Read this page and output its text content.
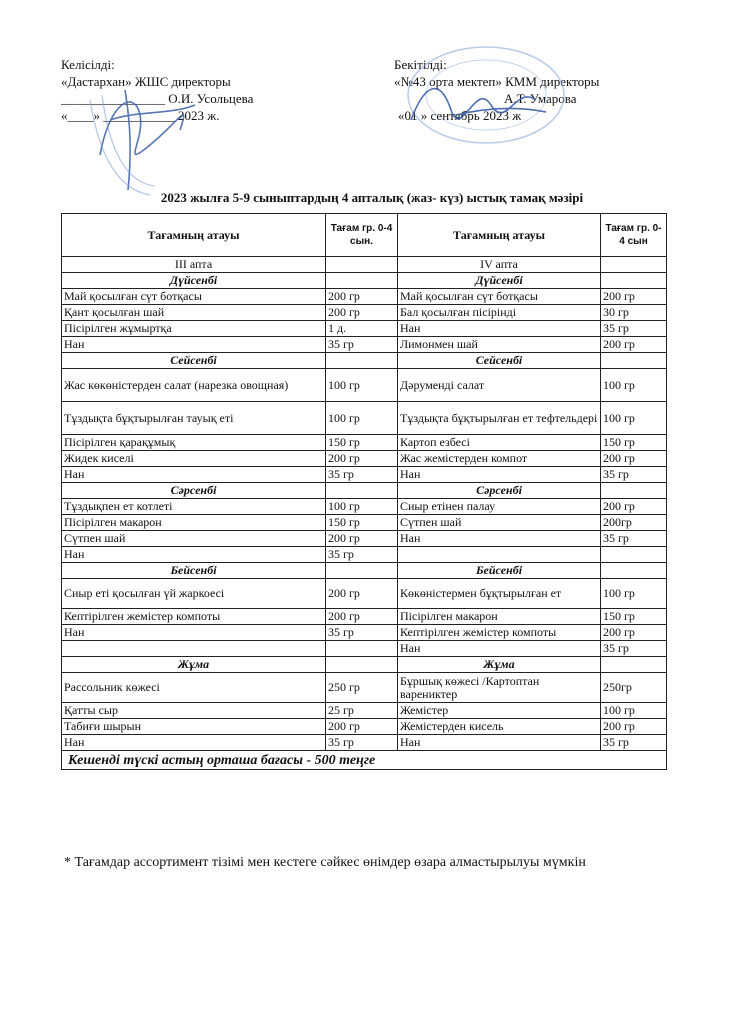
Келісілді:
«Дастархан» ЖШС директоры
________________ О.И. Усольцева
«____» ___________ 2023 ж.
Бекітілді:
«№43 орта мектеп» КММ директоры
А.Т. Умарова
«01 » сентябрь 2023 ж
2023 жылға 5-9 сыныптардың 4 апталық (жаз- күз) ыстық тамақ мәзірі
Тағамның атауы	Тағам гр. 0-4 сын.	Тағамның атауы	Тағам гр. 0-4 сын
III апта		IV апта	
Дүйсенбі		Дүйсенбі	
Май қосылған сүт ботқасы	200 гр	Май қосылған сүт ботқасы	200 гр
Қант қосылған шай	200 гр	Бал қосылған пісірінді	30 гр
Пісірілген жұмыртқа	1 д.	Нан	35 гр
Нан	35 гр	Лимонмен шай	200 гр
Сейсенбі		Сейсенбі	
Жас көкөністерден салат (нарезка овощная)	100 гр	Дәруменді салат	100 гр
Тұздықта бұқтырылған тауық еті	100 гр	Тұздықта бұқтырылған ет тефтельдері	100 гр
Пісірілген қарақұмық	150 гр	Картоп езбесі	150 гр
Жидек киселі	200 гр	Жас жемістерден компот	200 гр
Нан	35 гр	Нан	35 гр
Сәрсенбі		Сәрсенбі	
Тұздықпен ет котлеті	100 гр	Сиыр етінен палау	200 гр
Пісірілген макарон	150 гр	Сүтпен шай	200гр
Сүтпен шай	200 гр	Нан	35 гр
Нан	35 гр		
Бейсенбі		Бейсенбі	
Сиыр еті қосылған үй жаркоесі	200 гр	Көкөністермен бұқтырылған ет	100 гр
Кептірілген жемістер компоты	200 гр	Пісірілген макарон	150 гр
Нан	35 гр	Кептірілген жемістер компоты	200 гр
		Нан	35 гр
Жұма		Жұма	
Рассольник көжесі	250 гр	Бұршық көжесі /Картоптан варениктер	250гр
Қатты сыр	25 гр	Жемістер	100 гр
Табиғи шырын	200 гр	Жемістерден кисель	200 гр
Нан	35 гр	Нан	35 гр
Кешенді түскі астың орташа бағасы - 500 теңге			
* Тағамдар ассортимент тізімі мен кестеге сәйкес өнімдер өзара алмастырылуы мүмкін
